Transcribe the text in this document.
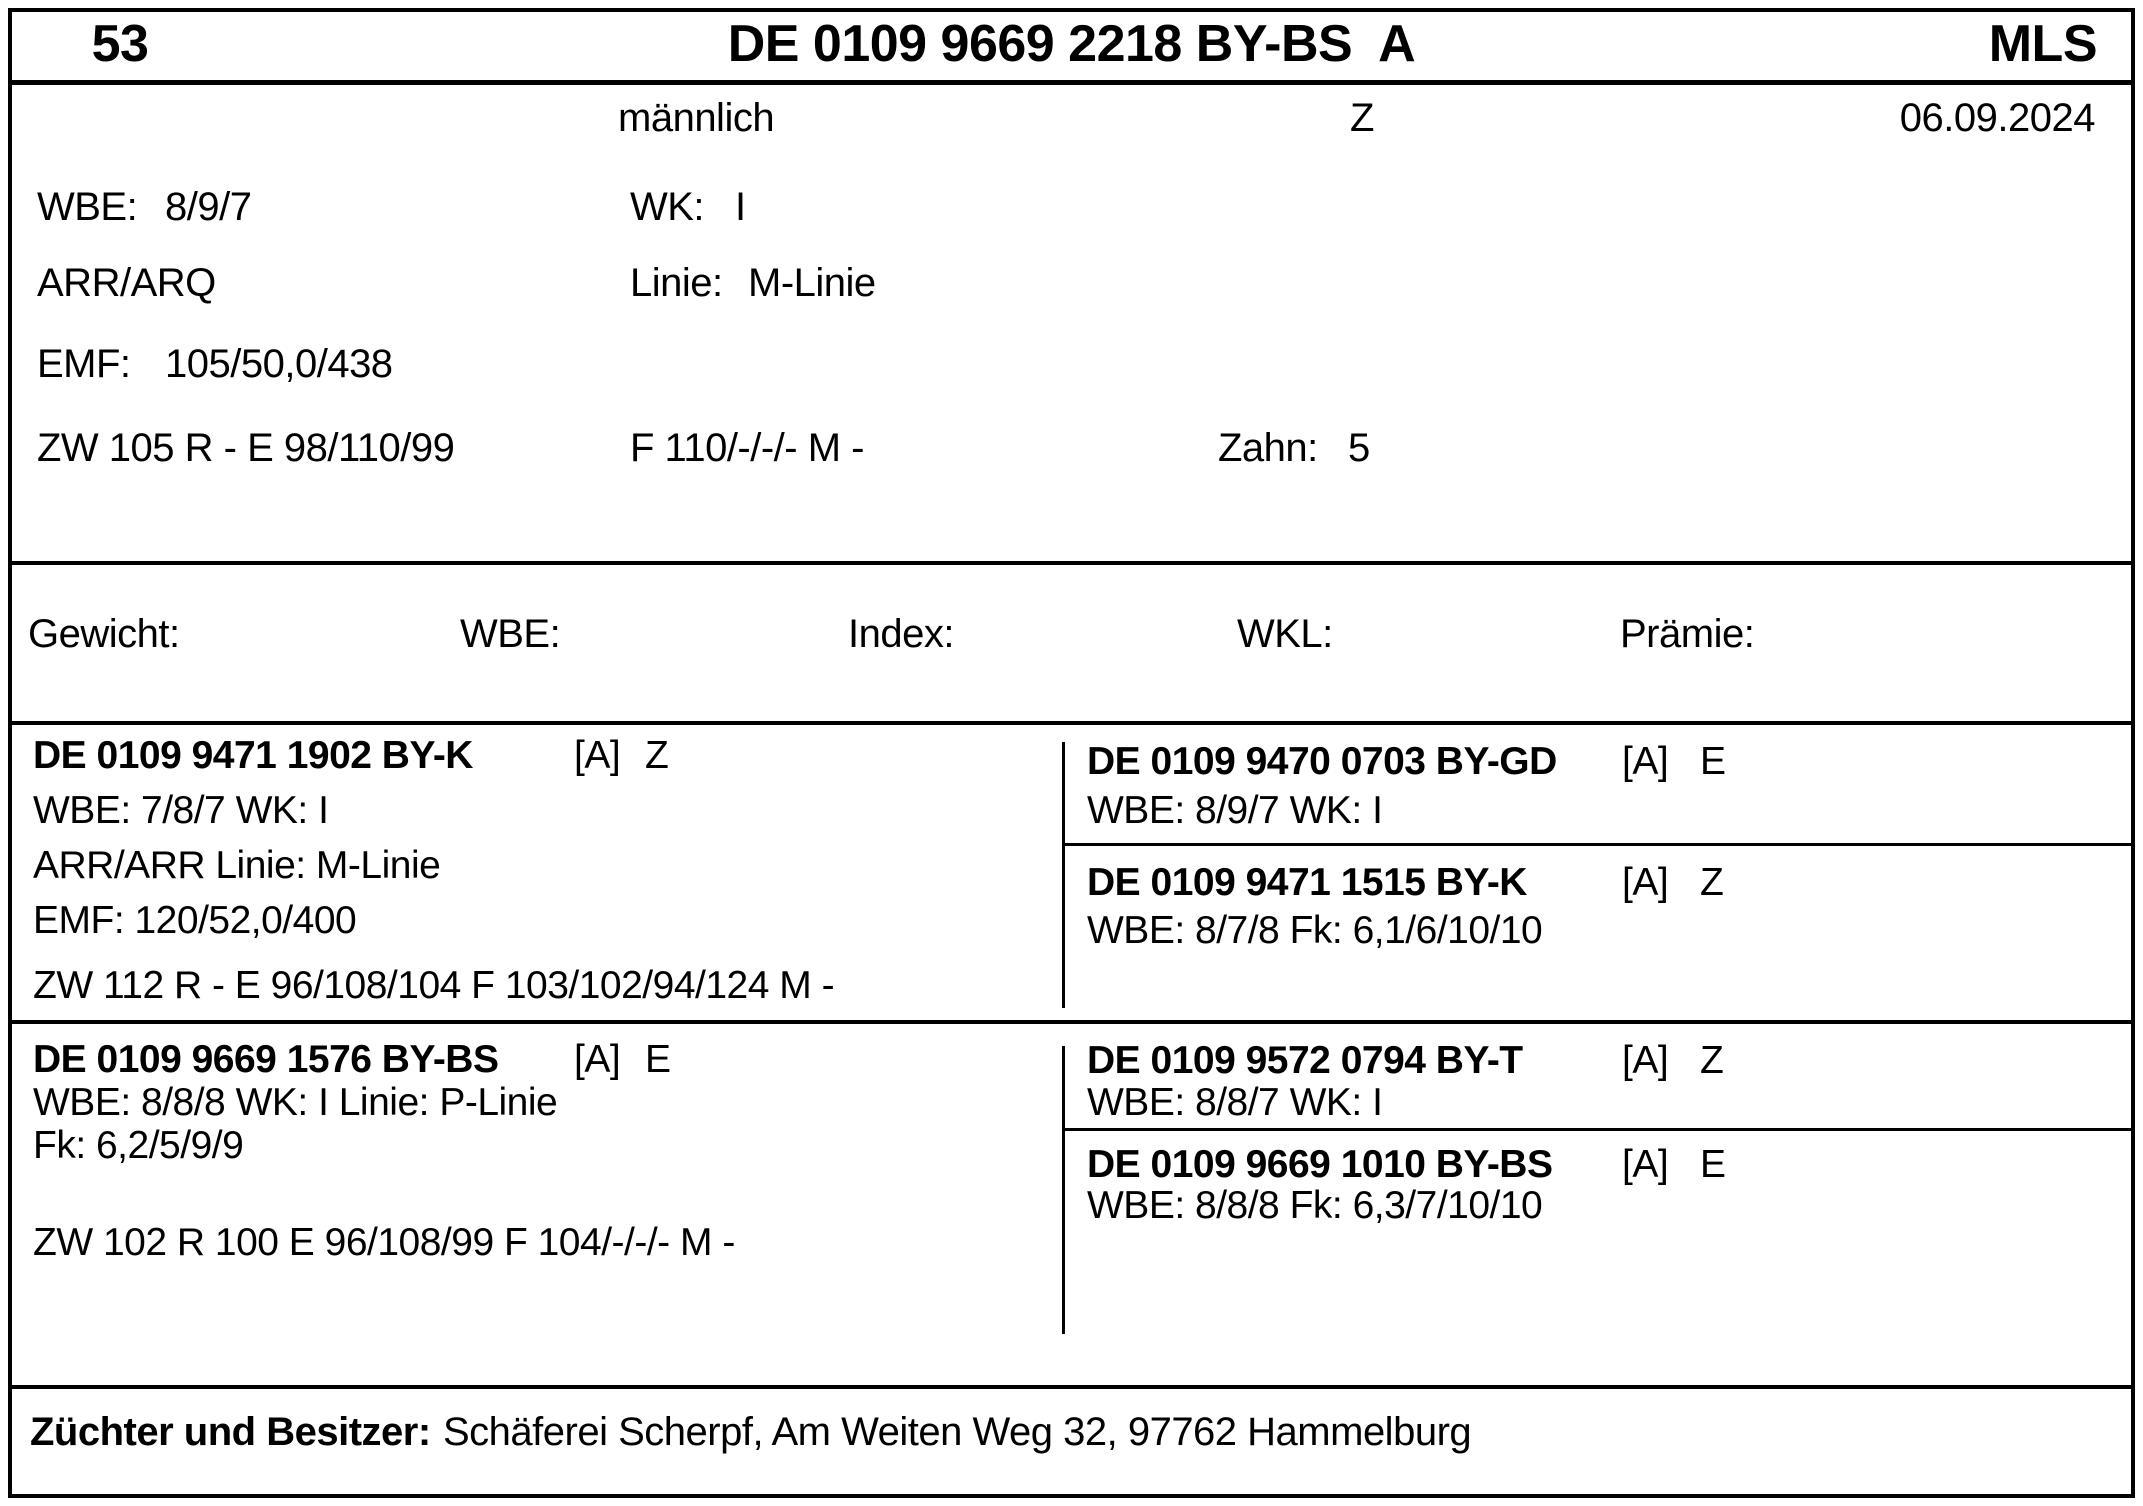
53	DE 0109 9669 2218 BY-BS  A	MLS
männlich	Z	06.09.2024
WBE: 8/9/7	WK: I
ARR/ARQ	Linie: M-Linie
EMF: 105/50,0/438
ZW 105 R - E 98/110/99	F 110/-/-/- M -	Zahn: 5
Gewicht:	WBE:	Index:	WKL:	Prämie:
DE 0109 9471 1902 BY-K	[A] Z
WBE: 7/8/7 WK: I
ARR/ARR Linie: M-Linie
EMF: 120/52,0/400
ZW 112 R - E 96/108/104 F 103/102/94/124 M -
DE 0109 9470 0703 BY-GD [A] E
WBE: 8/9/7 WK: I
DE 0109 9471 1515 BY-K [A] Z
WBE: 8/7/8 Fk: 6,1/6/10/10
DE 0109 9669 1576 BY-BS [A] E
WBE: 8/8/8 WK: I Linie: P-Linie
Fk: 6,2/5/9/9
ZW 102 R 100 E 96/108/99 F 104/-/-/- M -
DE 0109 9572 0794 BY-T	[A] Z
WBE: 8/8/7 WK: I
DE 0109 9669 1010 BY-BS [A] E
WBE: 8/8/8 Fk: 6,3/7/10/10
Züchter und Besitzer: Schäferei Scherpf, Am Weiten Weg 32, 97762 Hammelburg
